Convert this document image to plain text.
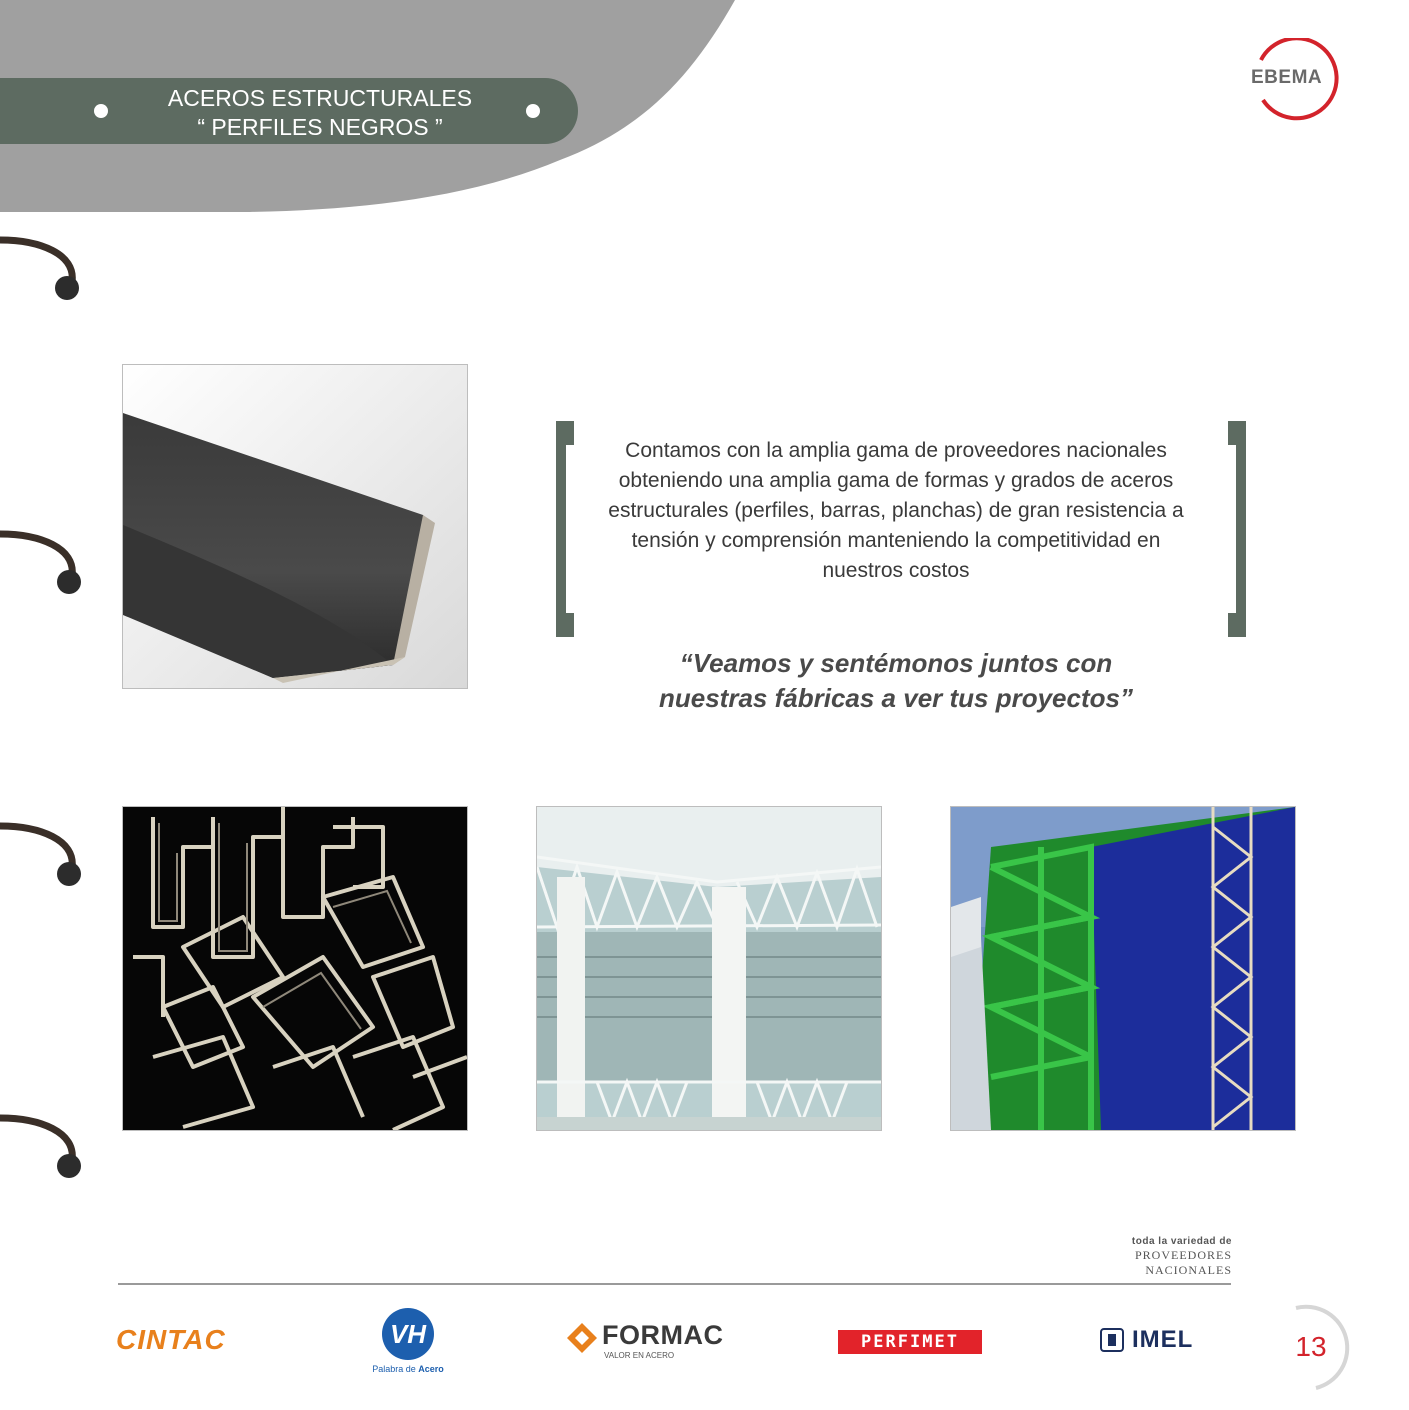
ACEROS ESTRUCTURALES
“ PERFILES NEGROS ”
EBEMA
Contamos con la amplia gama de proveedores nacionales obteniendo una amplia gama de formas y grados de aceros estructurales (perfiles, barras, planchas) de gran resistencia a tensión y comprensión manteniendo la competitividad en nuestros costos
“Veamos y sentémonos juntos con
nuestras fábricas a ver tus proyectos”
toda la variedad de
PROVEEDORES
NACIONALES
CINTAC	VH
Palabra de Acero
FORMAC
VALOR EN ACERO
PERFIMET	IMEL	13
